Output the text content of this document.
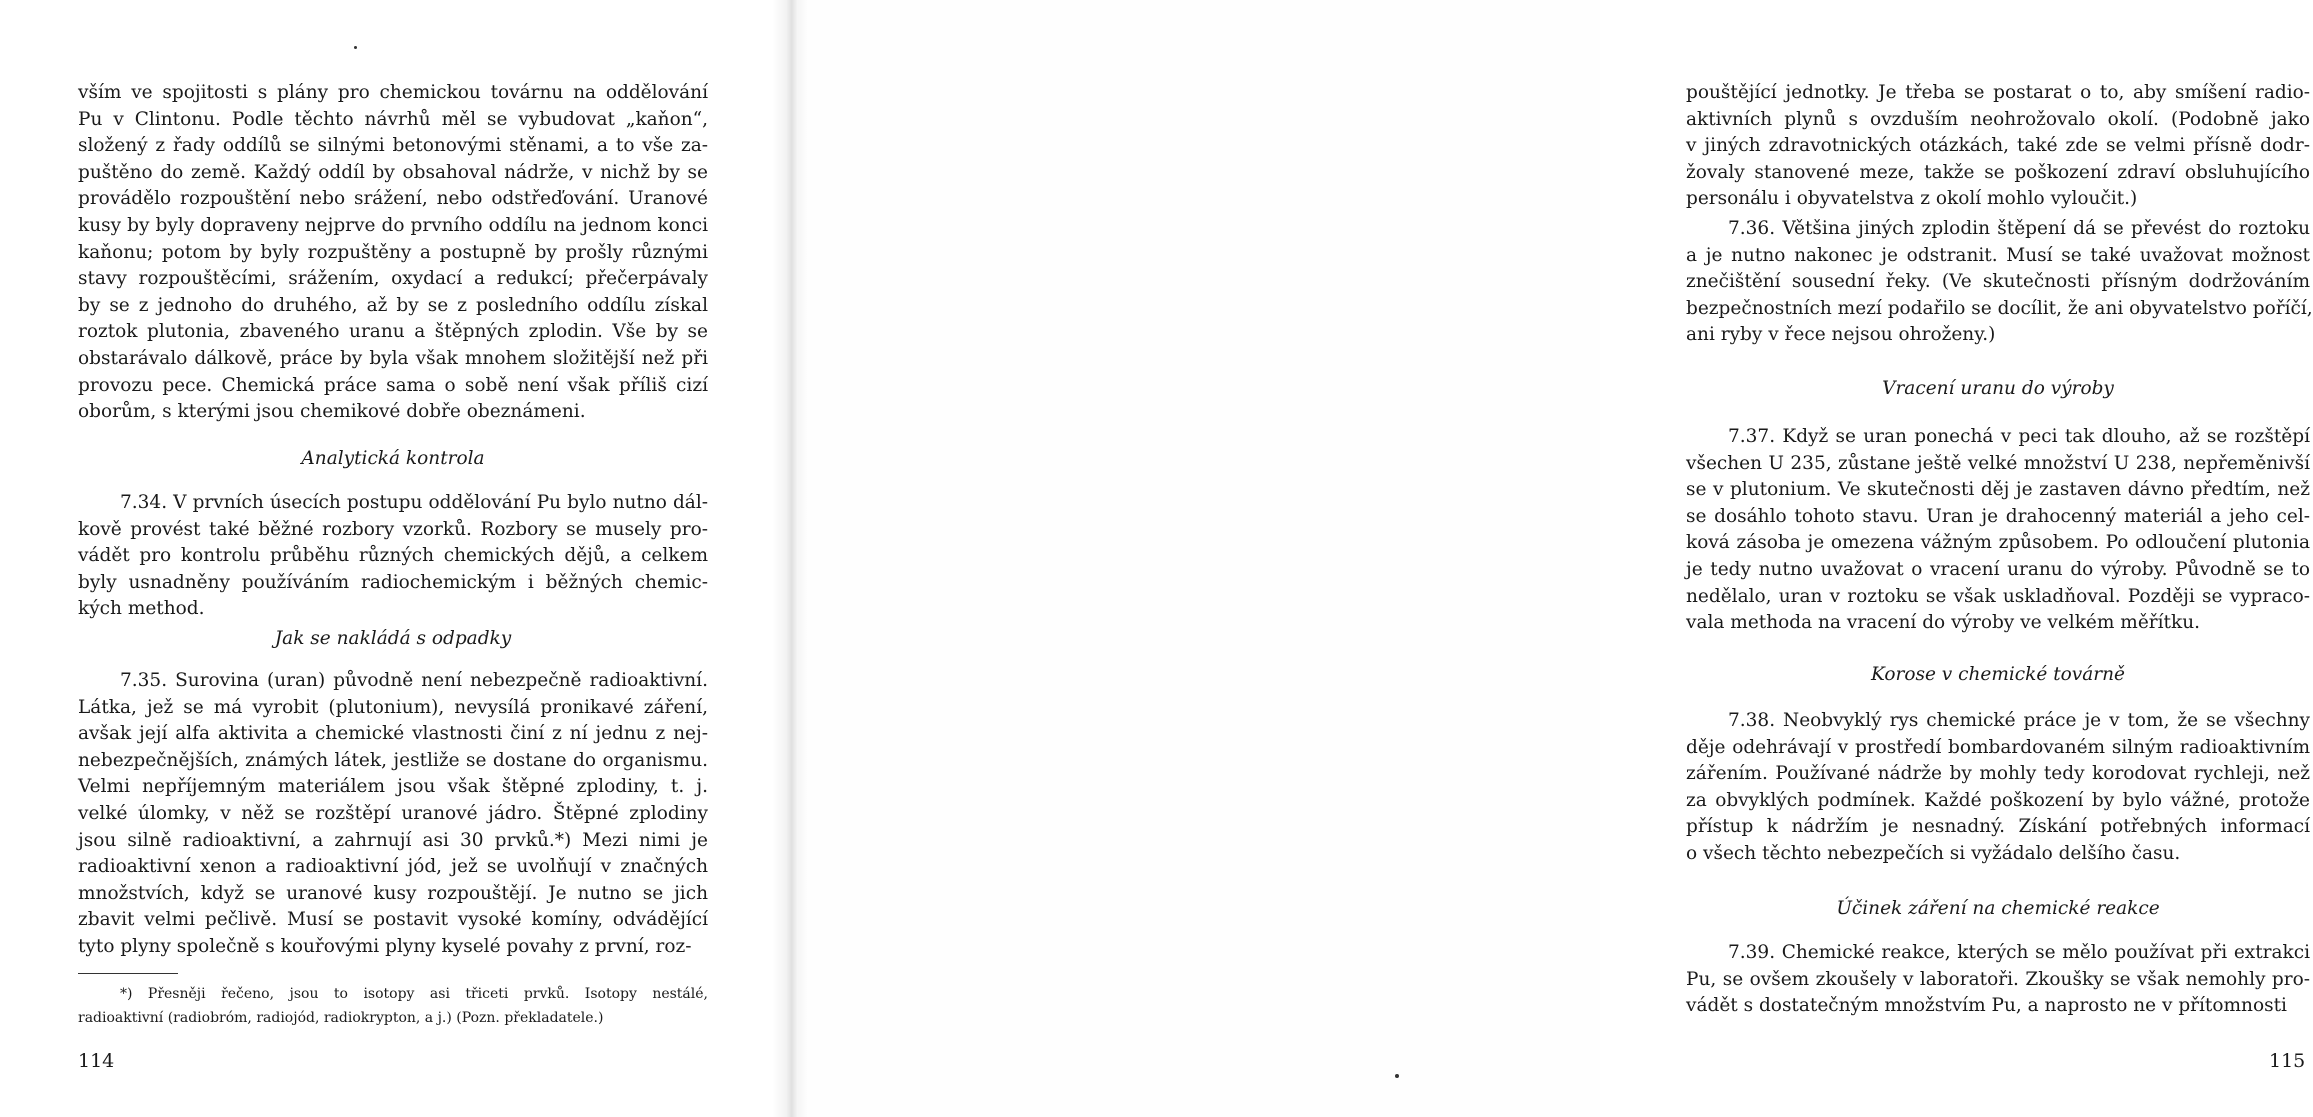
vším ve spojitosti s plány pro chemickou továrnu na oddělování
Pu v Clintonu. Podle těchto návrhů měl se vybudovat „kaňon“,
složený z řady oddílů se silnými betonovými stěnami, a to vše za-
puštěno do země. Každý oddíl by obsahoval nádrže, v nichž by se
provádělo rozpouštění nebo srážení, nebo odstřeďování. Uranové
kusy by byly dopraveny nejprve do prvního oddílu na jednom konci
kaňonu; potom by byly rozpuštěny a postupně by prošly různými
stavy rozpouštěcími, srážením, oxydací a redukcí; přečerpávaly
by se z jednoho do druhého, až by se z posledního oddílu získal
roztok plutonia, zbaveného uranu a štěpných zplodin. Vše by se
obstarávalo dálkově, práce by byla však mnohem složitější než při
provozu pece. Chemická práce sama o sobě není však příliš cizí
oborům, s kterými jsou chemikové dobře obeznámeni.
Analytická kontrola
7.34. V prvních úsecích postupu oddělování Pu bylo nutno dál-
kově provést také běžné rozbory vzorků. Rozbory se musely pro-
vádět pro kontrolu průběhu různých chemických dějů, a celkem
byly usnadněny používáním radiochemickým i běžných chemic-
kých method.
Jak se nakládá s odpadky
7.35. Surovina (uran) původně není nebezpečně radioaktivní.
Látka, jež se má vyrobit (plutonium), nevysílá pronikavé záření,
avšak její alfa aktivita a chemické vlastnosti činí z ní jednu z nej-
nebezpečnějších, známých látek, jestliže se dostane do organismu.
Velmi nepříjemným materiálem jsou však štěpné zplodiny, t. j.
velké úlomky, v něž se rozštěpí uranové jádro. Štěpné zplodiny
jsou silně radioaktivní, a zahrnují asi 30 prvků.*) Mezi nimi je
radioaktivní xenon a radioaktivní jód, jež se uvolňují v značných
množstvích, když se uranové kusy rozpouštějí. Je nutno se jich
zbavit velmi pečlivě. Musí se postavit vysoké komíny, odvádějící
tyto plyny společně s kouřovými plyny kyselé povahy z první, roz-
*) Přesněji řečeno, jsou to isotopy asi třiceti prvků. Isotopy nestálé,
radioaktivní (radiobróm, radiojód, radiokrypton, a j.) (Pozn. překladatele.)
114
pouštějící jednotky. Je třeba se postarat o to, aby smíšení radio-
aktivních plynů s ovzduším neohrožovalo okolí. (Podobně jako
v jiných zdravotnických otázkách, také zde se velmi přísně dodr-
žovaly stanovené meze, takže se poškození zdraví obsluhujícího
personálu i obyvatelstva z okolí mohlo vyloučit.)
7.36. Většina jiných zplodin štěpení dá se převést do roztoku
a je nutno nakonec je odstranit. Musí se také uvažovat možnost
znečištění sousední řeky. (Ve skutečnosti přísným dodržováním
bezpečnostních mezí podařilo se docílit, že ani obyvatelstvo poříčí,
ani ryby v řece nejsou ohroženy.)
Vracení uranu do výroby
7.37. Když se uran ponechá v peci tak dlouho, až se rozštěpí
všechen U 235, zůstane ještě velké množství U 238, nepřeměnivší
se v plutonium. Ve skutečnosti děj je zastaven dávno předtím, než
se dosáhlo tohoto stavu. Uran je drahocenný materiál a jeho cel-
ková zásoba je omezena vážným způsobem. Po odloučení plutonia
je tedy nutno uvažovat o vracení uranu do výroby. Původně se to
nedělalo, uran v roztoku se však uskladňoval. Později se vypraco-
vala methoda na vracení do výroby ve velkém měřítku.
Korose v chemické továrně
7.38. Neobvyklý rys chemické práce je v tom, že se všechny
děje odehrávají v prostředí bombardovaném silným radioaktivním
zářením. Používané nádrže by mohly tedy korodovat rychleji, než
za obvyklých podmínek. Každé poškození by bylo vážné, protože
přístup k nádržím je nesnadný. Získání potřebných informací
o všech těchto nebezpečích si vyžádalo delšího času.
Účinek záření na chemické reakce
7.39. Chemické reakce, kterých se mělo používat při extrakci
Pu, se ovšem zkoušely v laboratoři. Zkoušky se však nemohly pro-
vádět s dostatečným množstvím Pu, a naprosto ne v přítomnosti
115
